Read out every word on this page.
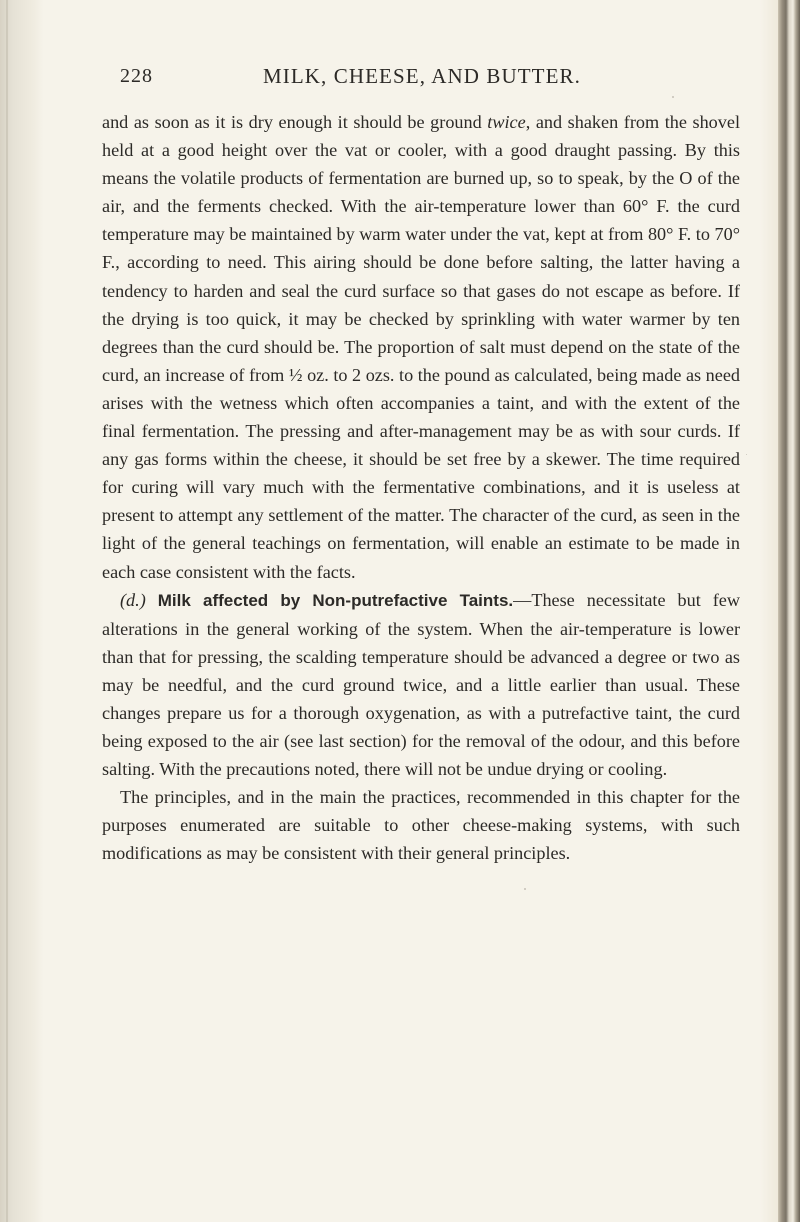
228	MILK, CHEESE, AND BUTTER.

and as soon as it is dry enough it should be ground twice, and shaken from the shovel held at a good height over the vat or cooler, with a good draught passing. By this means the volatile products of fermentation are burned up, so to speak, by the O of the air, and the ferments checked. With the air-temperature lower than 60° F. the curd temperature may be maintained by warm water under the vat, kept at from 80° F. to 70° F., according to need. This airing should be done before salting, the latter having a tendency to harden and seal the curd surface so that gases do not escape as before. If the drying is too quick, it may be checked by sprinkling with water warmer by ten degrees than the curd should be. The proportion of salt must depend on the state of the curd, an increase of from ½ oz. to 2 ozs. to the pound as calculated, being made as need arises with the wetness which often accompanies a taint, and with the extent of the final fermentation. The pressing and after-management may be as with sour curds. If any gas forms within the cheese, it should be set free by a skewer. The time required for curing will vary much with the fermentative combinations, and it is useless at present to attempt any settlement of the matter. The character of the curd, as seen in the light of the general teachings on fermentation, will enable an estimate to be made in each case consistent with the facts.

(d.) Milk affected by Non-putrefactive Taints.—These necessitate but few alterations in the general working of the system. When the air-temperature is lower than that for pressing, the scalding temperature should be advanced a degree or two as may be needful, and the curd ground twice, and a little earlier than usual. These changes prepare us for a thorough oxygenation, as with a putrefactive taint, the curd being exposed to the air (see last section) for the removal of the odour, and this before salting. With the precautions noted, there will not be undue drying or cooling.

The principles, and in the main the practices, recommended in this chapter for the purposes enumerated are suitable to other cheese-making systems, with such modifications as may be consistent with their general principles.
